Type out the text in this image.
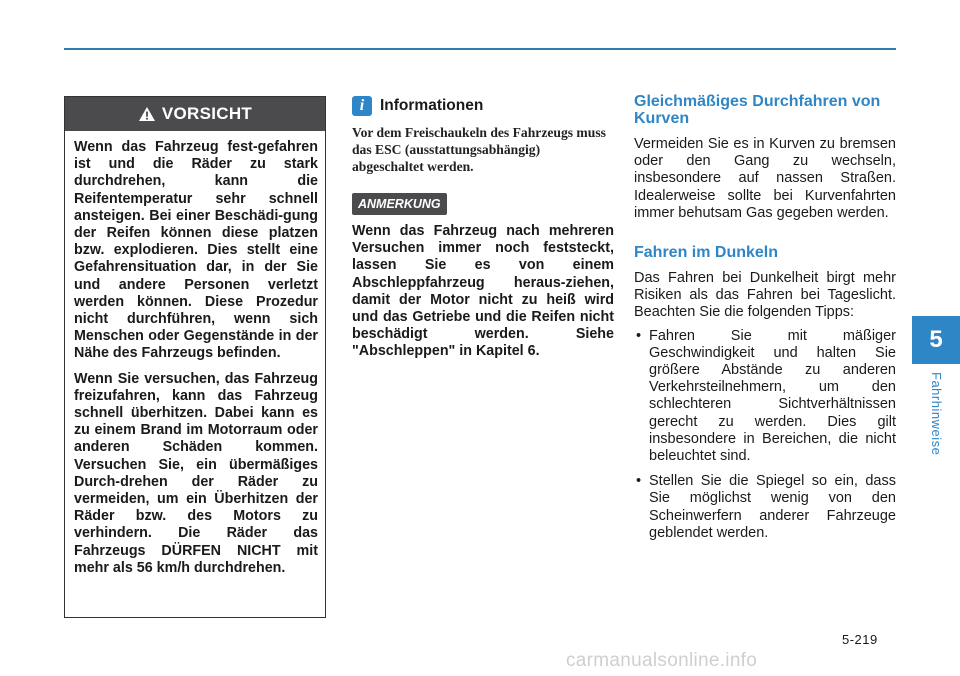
VORSICHT

Wenn das Fahrzeug fest-gefahren ist und die Räder zu stark durchdrehen, kann die Reifentemperatur sehr schnell ansteigen. Bei einer Beschädi-gung der Reifen können diese platzen bzw. explodieren. Dies stellt eine Gefahrensituation dar, in der Sie und andere Personen verletzt werden können. Diese Prozedur nicht durchführen, wenn sich Menschen oder Gegenstände in der Nähe des Fahrzeugs befinden.

Wenn Sie versuchen, das Fahrzeug freizufahren, kann das Fahrzeug schnell überhitzen. Dabei kann es zu einem Brand im Motorraum oder anderen Schäden kommen. Versuchen Sie, ein übermäßiges Durch-drehen der Räder zu vermeiden, um ein Überhitzen der Räder bzw. des Motors zu verhindern. Die Räder das Fahrzeugs DÜRFEN NICHT mit mehr als 56 km/h durchdrehen.

i	Informationen

Vor dem Freischaukeln des Fahrzeugs muss das ESC (ausstattungsabhängig) abgeschaltet werden.

ANMERKUNG

Wenn das Fahrzeug nach mehreren Versuchen immer noch feststeckt, lassen Sie es von einem Abschleppfahrzeug heraus-ziehen, damit der Motor nicht zu heiß wird und das Getriebe und die Reifen nicht beschädigt werden. Siehe "Abschleppen" in Kapitel 6.

Gleichmäßiges Durchfahren von Kurven

Vermeiden Sie es in Kurven zu bremsen oder den Gang zu wechseln, insbesondere auf nassen Straßen. Idealerweise sollte bei Kurvenfahrten immer behutsam Gas gegeben werden.

Fahren im Dunkeln

Das Fahren bei Dunkelheit birgt mehr Risiken als das Fahren bei Tageslicht. Beachten Sie die folgenden Tipps:

• Fahren Sie mit mäßiger Geschwindigkeit und halten Sie größere Abstände zu anderen Verkehrsteilnehmern, um den schlechteren Sichtverhältnissen gerecht zu werden. Dies gilt insbesondere in Bereichen, die nicht beleuchtet sind.
• Stellen Sie die Spiegel so ein, dass Sie möglichst wenig von den Scheinwerfern anderer Fahrzeuge geblendet werden.
5
Fahrhinweise
5-219
carmanualsonline.info
